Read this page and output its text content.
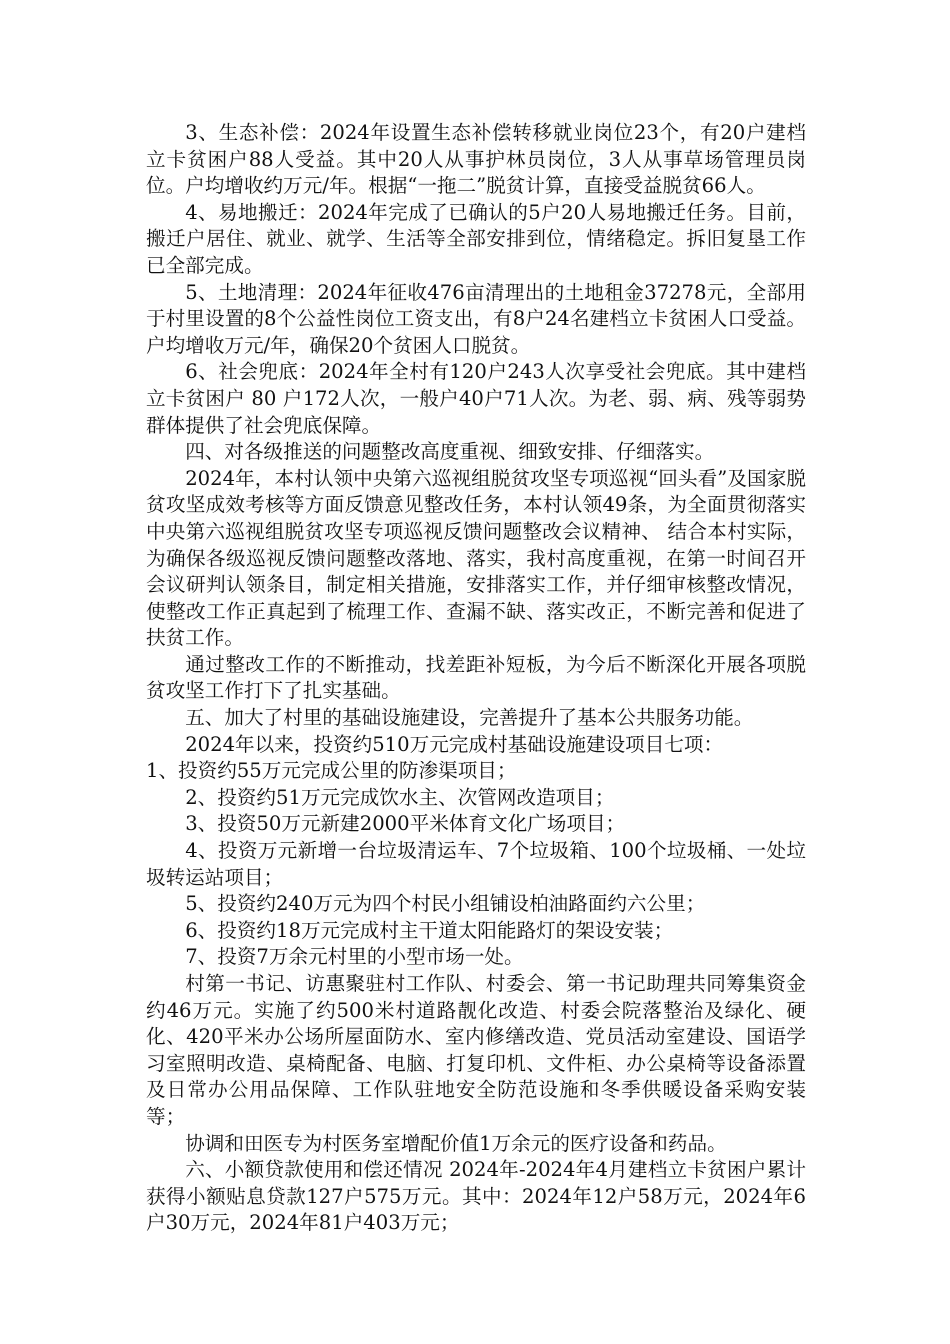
3、生态补偿：2024年设置生态补偿转移就业岗位23个，有20户建档立卡贫困户88人受益。其中20人从事护林员岗位，3人从事草场管理员岗位。户均增收约万元/年。根据“一拖二”脱贫计算，直接受益脱贫66人。

4、易地搬迁：2024年完成了已确认的5户20人易地搬迁任务。目前，搬迁户居住、就业、就学、生活等全部安排到位，情绪稳定。拆旧复垦工作已全部完成。

5、土地清理：2024年征收476亩清理出的土地租金37278元，全部用于村里设置的8个公益性岗位工资支出，有8户24名建档立卡贫困人口受益。户均增收万元/年，确保20个贫困人口脱贫。

6、社会兜底：2024年全村有120户243人次享受社会兜底。其中建档立卡贫困户 80 户172人次，一般户40户71人次。为老、弱、病、残等弱势群体提供了社会兜底保障。

四、对各级推送的问题整改高度重视、细致安排、仔细落实。

2024年，本村认领中央第六巡视组脱贫攻坚专项巡视“回头看”及国家脱贫攻坚成效考核等方面反馈意见整改任务，本村认领49条，为全面贯彻落实中央第六巡视组脱贫攻坚专项巡视反馈问题整改会议精神、 结合本村实际，为确保各级巡视反馈问题整改落地、落实，我村高度重视，在第一时间召开会议研判认领条目，制定相关措施，安排落实工作，并仔细审核整改情况，使整改工作正真起到了梳理工作、查漏不缺、落实改正，不断完善和促进了扶贫工作。

通过整改工作的不断推动，找差距补短板，为今后不断深化开展各项脱贫攻坚工作打下了扎实基础。

五、加大了村里的基础设施建设，完善提升了基本公共服务功能。

2024年以来，投资约510万元完成村基础设施建设项目七项：

1、投资约55万元完成公里的防渗渠项目；

2、投资约51万元完成饮水主、次管网改造项目；

3、投资50万元新建2000平米体育文化广场项目；

4、投资万元新增一台垃圾清运车、7个垃圾箱、100个垃圾桶、一处垃圾转运站项目；

5、投资约240万元为四个村民小组铺设柏油路面约六公里；

6、投资约18万元完成村主干道太阳能路灯的架设安装；

7、投资7万余元村里的小型市场一处。

村第一书记、访惠聚驻村工作队、村委会、第一书记助理共同筹集资金约46万元。实施了约500米村道路靓化改造、村委会院落整治及绿化、硬化、420平米办公场所屋面防水、室内修缮改造、党员活动室建设、国语学习室照明改造、桌椅配备、电脑、打复印机、文件柜、办公桌椅等设备添置及日常办公用品保障、工作队驻地安全防范设施和冬季供暖设备采购安装等；

协调和田医专为村医务室增配价值1万余元的医疗设备和药品。

六、小额贷款使用和偿还情况 2024年-2024年4月建档立卡贫困户累计获得小额贴息贷款127户575万元。其中：2024年12户58万元，2024年6户30万元，2024年81户403万元；
